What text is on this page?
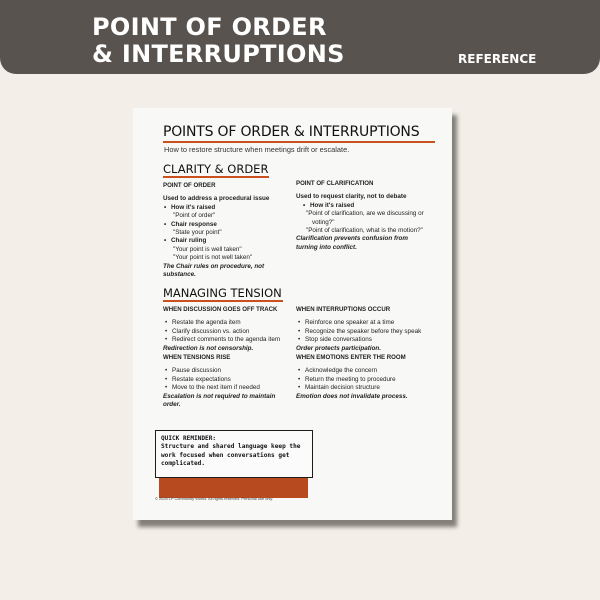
POINT OF ORDER
& INTERRUPTIONS	REFERENCE
POINTS OF ORDER & INTERRUPTIONS
How to restore structure when meetings drift or escalate.
CLARITY & ORDER
POINT OF ORDER
Used to address a procedural issue
• How it's raised
"Point of order"
• Chair response
"State your point"
• Chair ruling
"Your point is well taken"
"Your point is not well taken"
The Chair rules on procedure, not substance.
POINT OF CLARIFICATION
Used to request clarity, not to debate
• How it's raised
"Point of clarification, are we discussing or voting?"
"Point of clarification, what is the motion?"
Clarification prevents confusion from turning into conflict.
MANAGING TENSION
WHEN DISCUSSION GOES OFF TRACK
• Restate the agenda item
• Clarify discussion vs. action
• Redirect comments to the agenda item
Redirection is not censorship.
WHEN INTERRUPTIONS OCCUR
• Reinforce one speaker at a time
• Recognize the speaker before they speak
• Stop side conversations
Order protects participation.
WHEN TENSIONS RISE
• Pause discussion
• Restate expectations
• Move to the next item if needed
Escalation is not required to maintain order.
WHEN EMOTIONS ENTER THE ROOM
• Acknowledge the concern
• Return the meeting to procedure
• Maintain decision structure
Emotion does not invalidate process.
QUICK REMINDER:
Structure and shared language keep the work focused when conversations get complicated.
© 2026 LP Community Works. All rights reserved. Personal use only.
